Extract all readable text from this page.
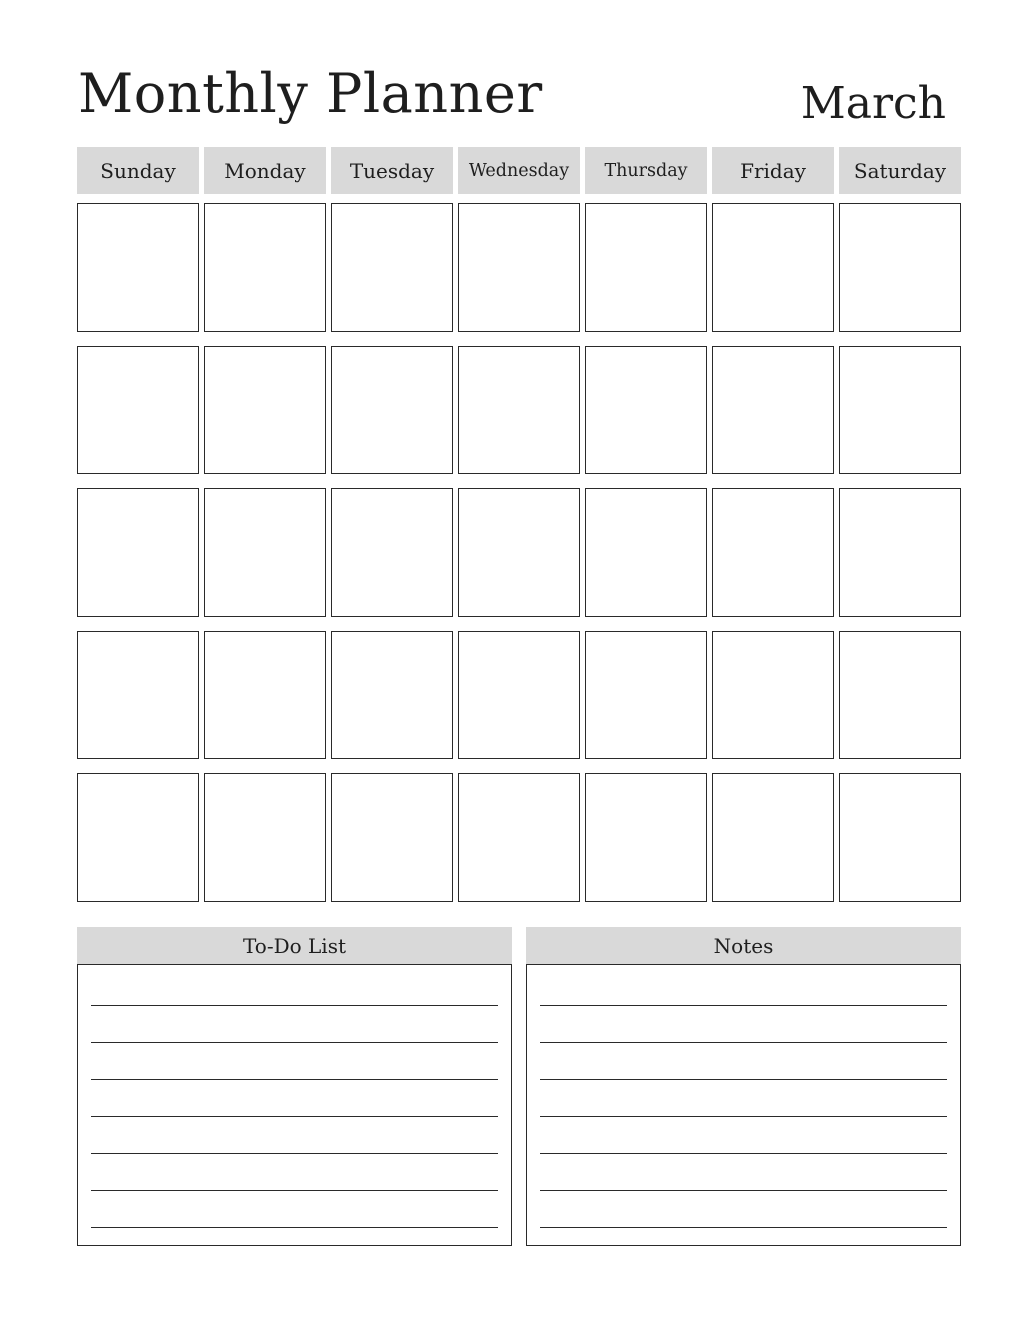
Monthly Planner	March
Sunday	Monday	Tuesday	Wednesday	Thursday	Friday	Saturday
To-Do List	Notes
